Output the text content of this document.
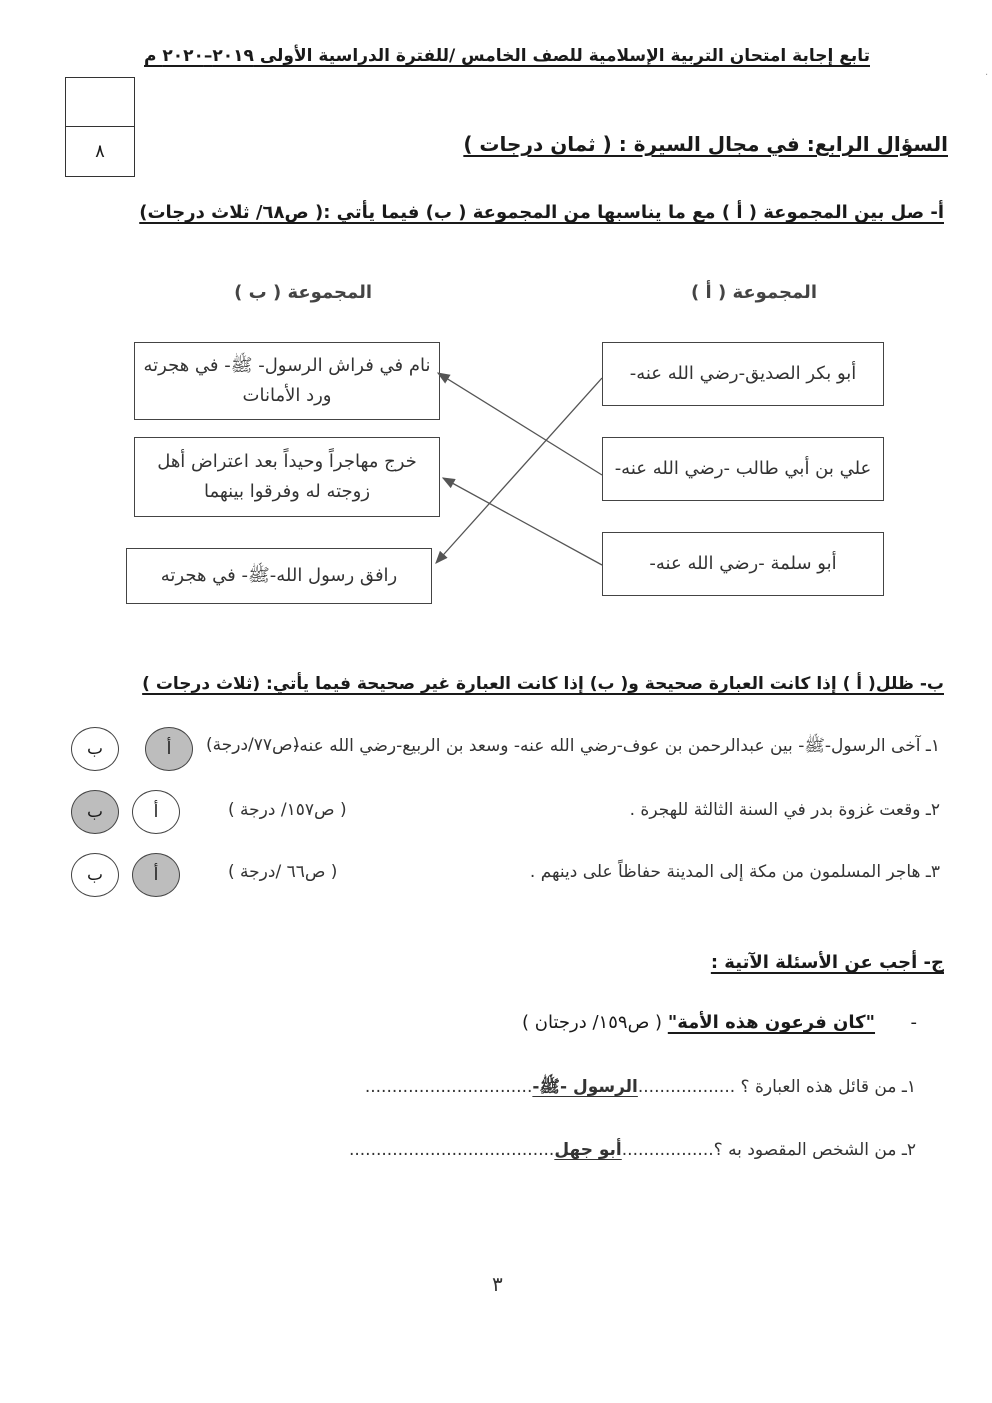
تابع إجابة امتحان التربية الإسلامية للصف الخامس /للفترة الدراسية الأولى ٢٠١٩–٢٠٢٠ م
·
٨	السؤال الرابع: في مجال السيرة : ( ثمان درجات )
أ- صل بين المجموعة ( أ ) مع ما يناسبها من المجموعة ( ب) فيما يأتي :( ص٦٨/ ثلاث درجات)
المجموعة ( أ )
المجموعة ( ب )
أبو بكر الصديق-رضي الله عنه-
علي بن أبي طالب -رضي الله عنه-
أبو سلمة -رضي الله عنه-
نام في فراش الرسول- ﷺ- في هجرته ورد الأمانات
خرج مهاجراً وحيداً بعد اعتراض أهل زوجته له وفرقوا بينهما
رافق رسول الله-ﷺ- في هجرته
ب- ظلل( أ ) إذا كانت العبارة صحيحة و( ب) إذا كانت العبارة غير صحيحة فيما يأتي: (ثلاث درجات )
١ـ آخى الرسول-ﷺ- بين عبدالرحمن بن عوف-رضي الله عنه- وسعد بن الربيع-رضي الله عنه-
(ص٧٧/درجة)
أ
ب
٢ـ وقعت غزوة بدر في السنة الثالثة للهجرة .
( ص١٥٧/ درجة )
أ
ب
٣ـ هاجر المسلمون من مكة إلى المدينة حفاظاً على دينهم .
( ص٦٦ /درجة )
أ
ب
ج- أجب عن الأسئلة الآتية :
-  "كان فرعون هذه الأمة" ( ص١٥٩/ درجتان )
١ـ من قائل هذه العبارة ؟ ..................الرسول -ﷺ-...............................
٢ـ من الشخص المقصود به ؟.................أبو جهل......................................
٣
